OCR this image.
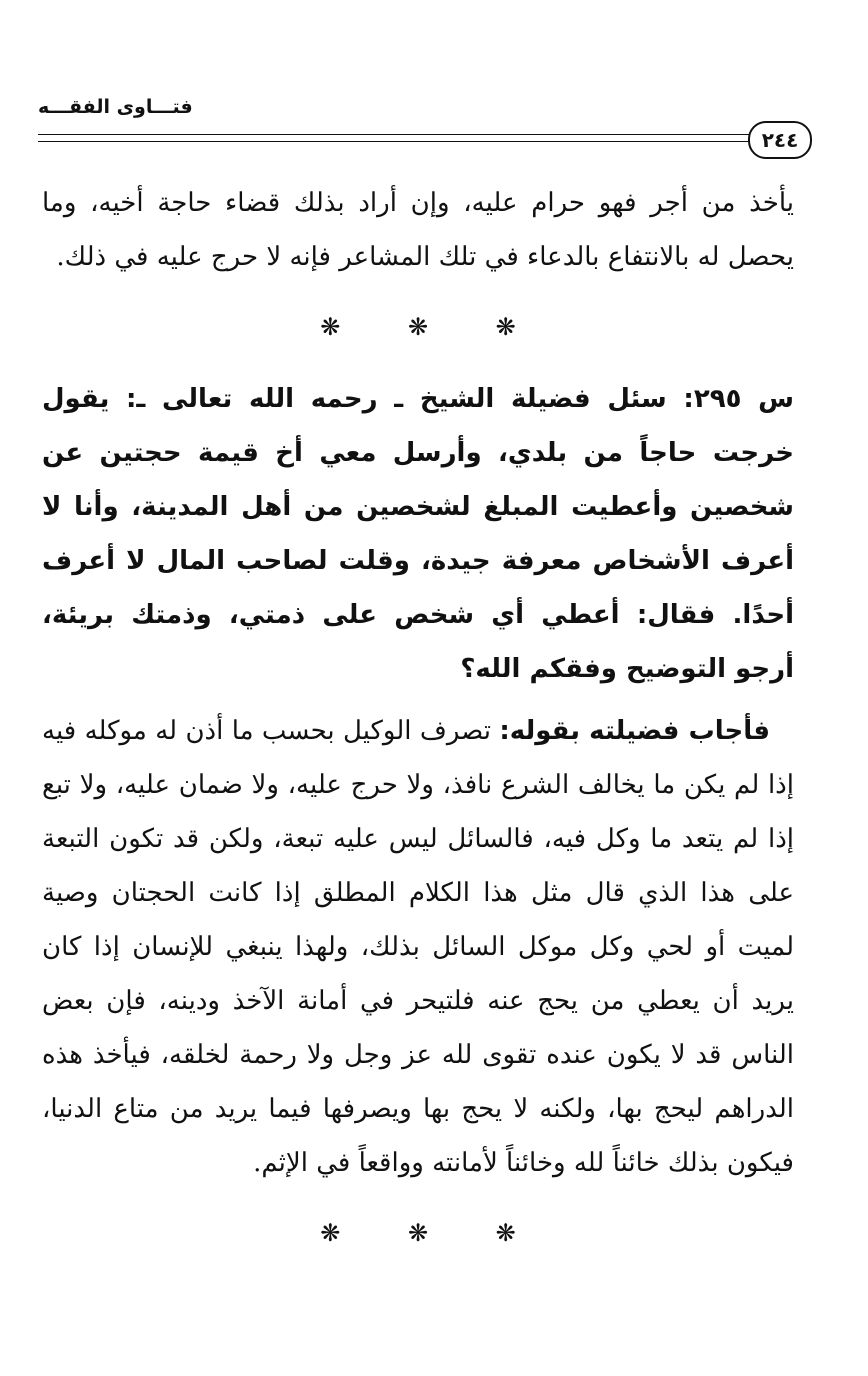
فتـــاوى الفقـــه
٢٤٤

يأخذ من أجر فهو حرام عليه، وإن أراد بذلك قضاء حاجة أخيه، وما يحصل له بالانتفاع بالدعاء في تلك المشاعر فإنه لا حرج عليه في ذلك.

❋ ❋ ❋

س ٢٩٥: سئل فضيلة الشيخ ـ رحمه الله تعالى ـ: يقول خرجت حاجاً من بلدي، وأرسل معي أخ قيمة حجتين عن شخصين وأعطيت المبلغ لشخصين من أهل المدينة، وأنا لا أعرف الأشخاص معرفة جيدة، وقلت لصاحب المال لا أعرف أحدًا. فقال: أعطي أي شخص على ذمتي، وذمتك بريئة، أرجو التوضيح وفقكم الله؟

فأجاب فضيلته بقوله: تصرف الوكيل بحسب ما أذن له موكله فيه إذا لم يكن ما يخالف الشرع نافذ، ولا حرج عليه، ولا ضمان عليه، ولا تبع إذا لم يتعد ما وكل فيه، فالسائل ليس عليه تبعة، ولكن قد تكون التبعة على هذا الذي قال مثل هذا الكلام المطلق إذا كانت الحجتان وصية لميت أو لحي وكل موكل السائل بذلك، ولهذا ينبغي للإنسان إذا كان يريد أن يعطي من يحج عنه فلتيحر في أمانة الآخذ ودينه، فإن بعض الناس قد لا يكون عنده تقوى لله عز وجل ولا رحمة لخلقه، فيأخذ هذه الدراهم ليحج بها، ولكنه لا يحج بها ويصرفها فيما يريد من متاع الدنيا، فيكون بذلك خائناً لله وخائناً لأمانته وواقعاً في الإثم.

❋ ❋ ❋
